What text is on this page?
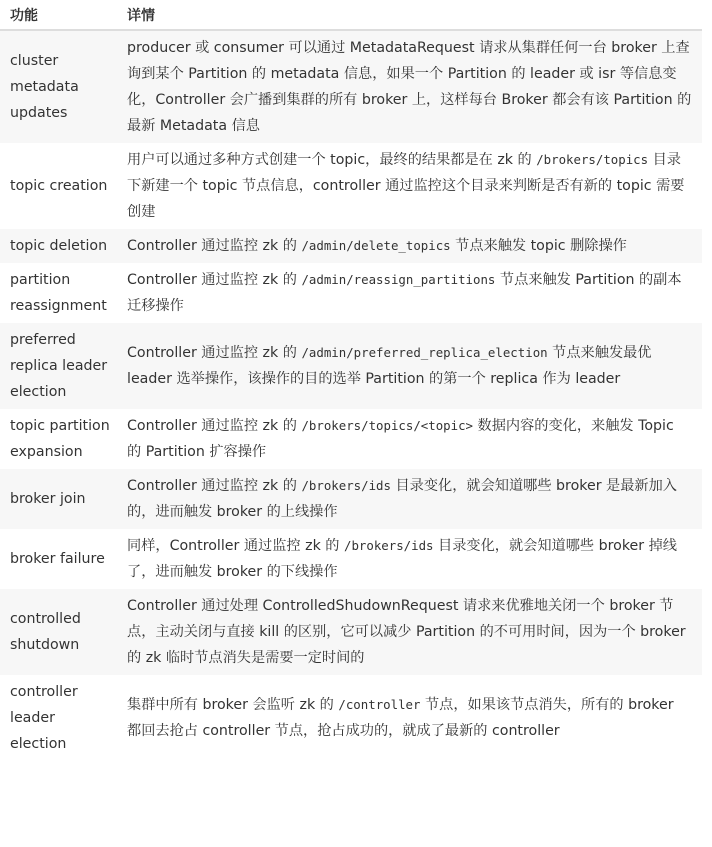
功能	详情
cluster metadata updates	producer 或 consumer 可以通过 MetadataRequest 请求从集群任何一台 broker 上查询到某个 Partition 的 metadata 信息，如果一个 Partition 的 leader 或 isr 等信息变化，Controller 会广播到集群的所有 broker 上，这样每台 Broker 都会有该 Partition 的最新 Metadata 信息
topic creation	用户可以通过多种方式创建一个 topic，最终的结果都是在 zk 的 /brokers/topics 目录下新建一个 topic 节点信息，controller 通过监控这个目录来判断是否有新的 topic 需要创建
topic deletion	Controller 通过监控 zk 的 /admin/delete_topics 节点来触发 topic 删除操作
partition reassignment	Controller 通过监控 zk 的 /admin/reassign_partitions 节点来触发 Partition 的副本迁移操作
preferred replica leader election	Controller 通过监控 zk 的 /admin/preferred_replica_election 节点来触发最优 leader 选举操作，该操作的目的选举 Partition 的第一个 replica 作为 leader
topic partition expansion	Controller 通过监控 zk 的 /brokers/topics/<topic> 数据内容的变化，来触发 Topic 的 Partition 扩容操作
broker join	Controller 通过监控 zk 的 /brokers/ids 目录变化，就会知道哪些 broker 是最新加入的，进而触发 broker 的上线操作
broker failure	同样，Controller 通过监控 zk 的 /brokers/ids 目录变化，就会知道哪些 broker 掉线了，进而触发 broker 的下线操作
controlled shutdown	Controller 通过处理 ControlledShudownRequest 请求来优雅地关闭一个 broker 节点，主动关闭与直接 kill 的区别，它可以减少 Partition 的不可用时间，因为一个 broker 的 zk 临时节点消失是需要一定时间的
controller leader election	集群中所有 broker 会监听 zk 的 /controller 节点，如果该节点消失，所有的 broker 都回去抢占 controller 节点，抢占成功的，就成了最新的 controller
